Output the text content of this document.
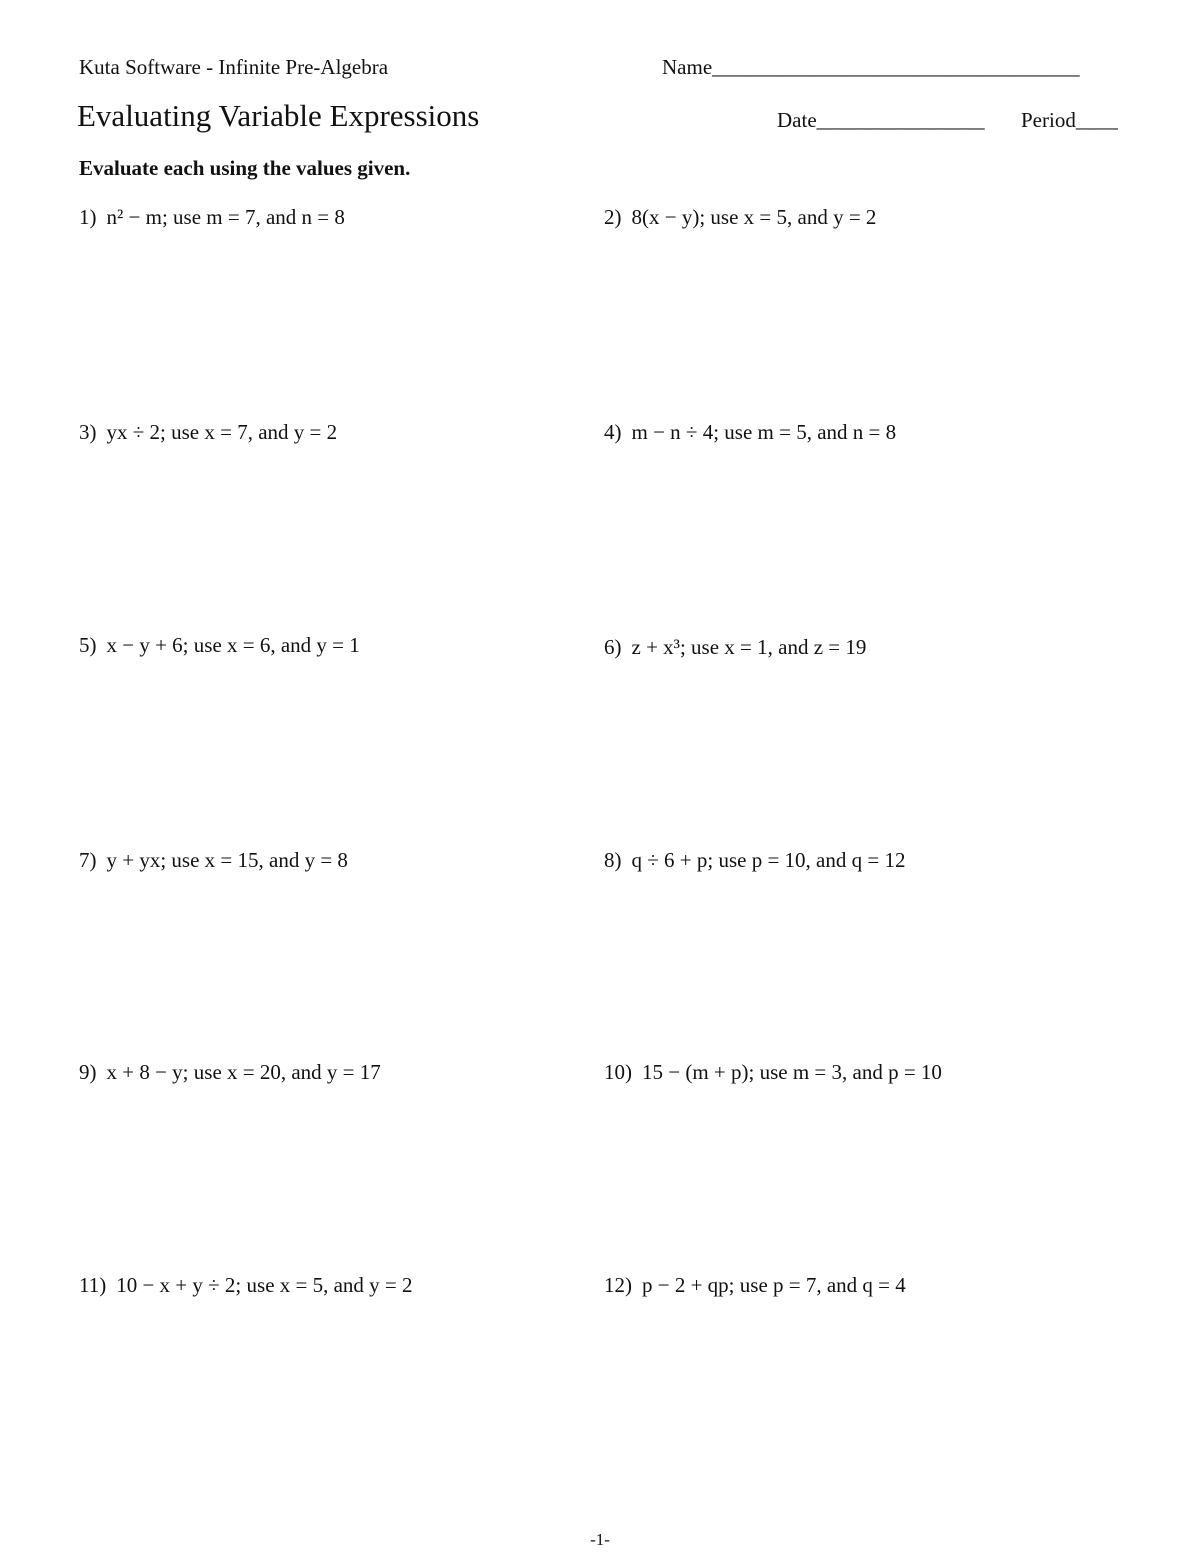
Kuta Software - Infinite Pre-Algebra	Name___________________________________
Evaluating Variable Expressions	Date________________ Period____
Evaluate each using the values given.
1) n² − m; use m = 7, and n = 8	2) 8(x − y); use x = 5, and y = 2
3) yx ÷ 2; use x = 7, and y = 2	4) m − n ÷ 4; use m = 5, and n = 8
5) x − y + 6; use x = 6, and y = 1	6) z + x³; use x = 1, and z = 19
7) y + yx; use x = 15, and y = 8	8) q ÷ 6 + p; use p = 10, and q = 12
9) x + 8 − y; use x = 20, and y = 17	10) 15 − (m + p); use m = 3, and p = 10
11) 10 − x + y ÷ 2; use x = 5, and y = 2	12) p − 2 + qp; use p = 7, and q = 4
-1-
